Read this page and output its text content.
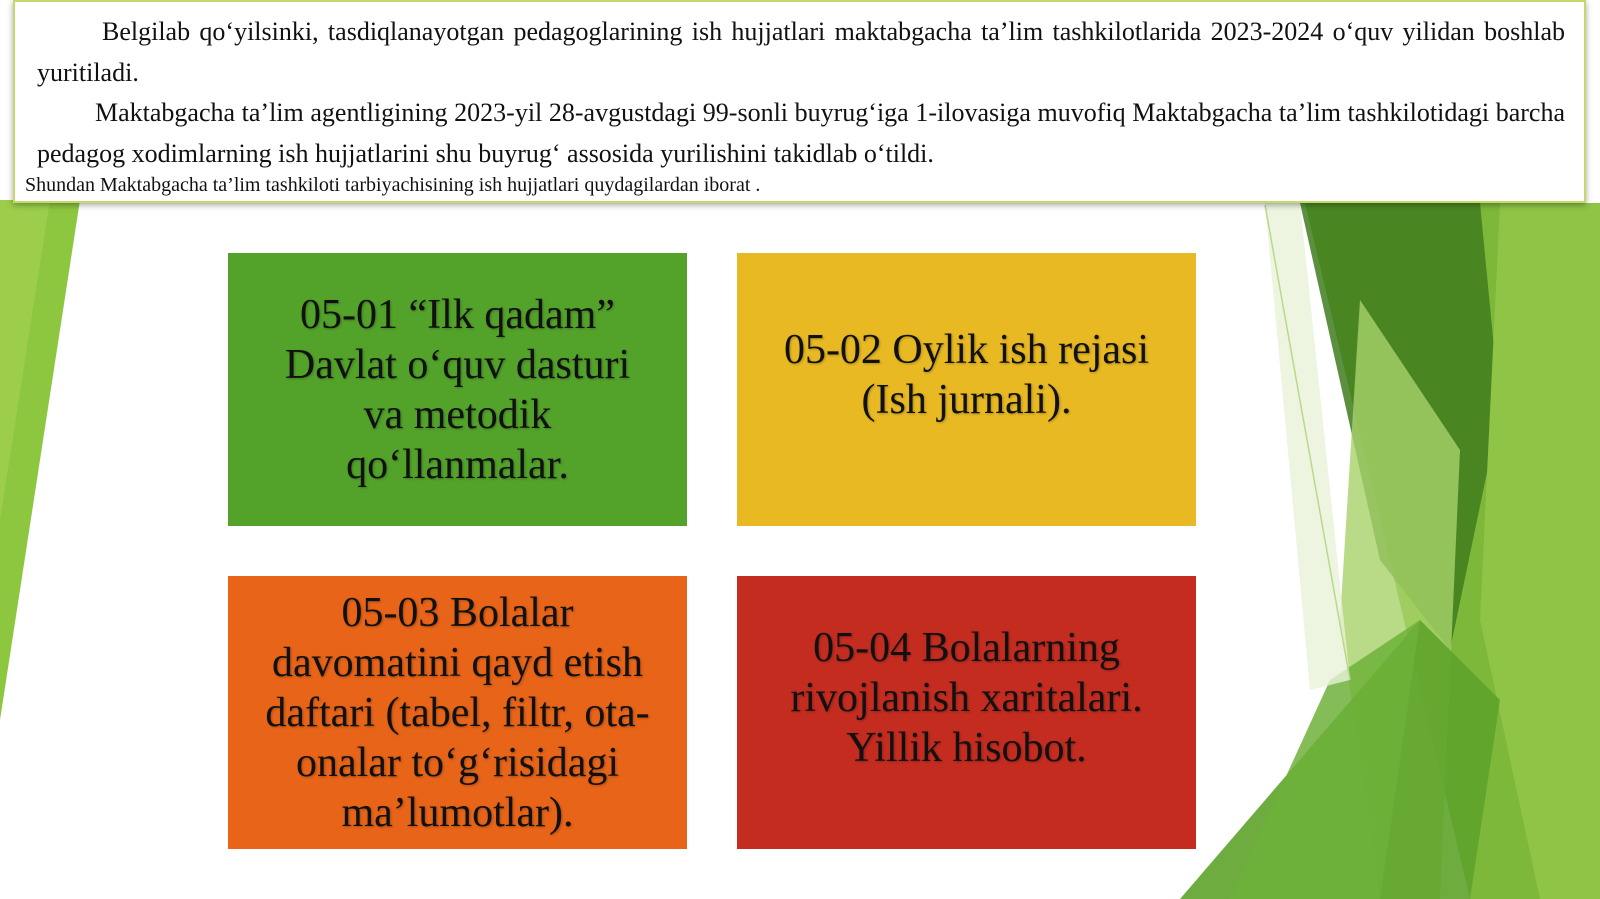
Belgilab qo‘yilsinki, tasdiqlanayotgan pedagoglarining ish hujjatlari maktabgacha ta’lim tashkilotlarida 2023-2024 o‘quv yilidan boshlab yuritiladi.

Maktabgacha ta’lim agentligining 2023-yil 28-avgustdagi 99-sonli buyrug‘iga 1-ilovasiga muvofiq Maktabgacha ta’lim tashkilotidagi barcha pedagog xodimlarning ish hujjatlarini shu buyrug‘ assosida yurilishini takidlab o‘tildi.

Shundan Maktabgacha ta’lim tashkiloti tarbiyachisining ish hujjatlari quydagilardan iborat .
05-01 “Ilk qadam”
Davlat o‘quv dasturi
va metodik
qo‘llanmalar.
05-02 Oylik ish rejasi
(Ish jurnali).
05-03 Bolalar
davomatini qayd etish
daftari (tabel, filtr, ota-
onalar to‘g‘risidagi
ma’lumotlar).
05-04 Bolalarning
rivojlanish xaritalari.
Yillik hisobot.
